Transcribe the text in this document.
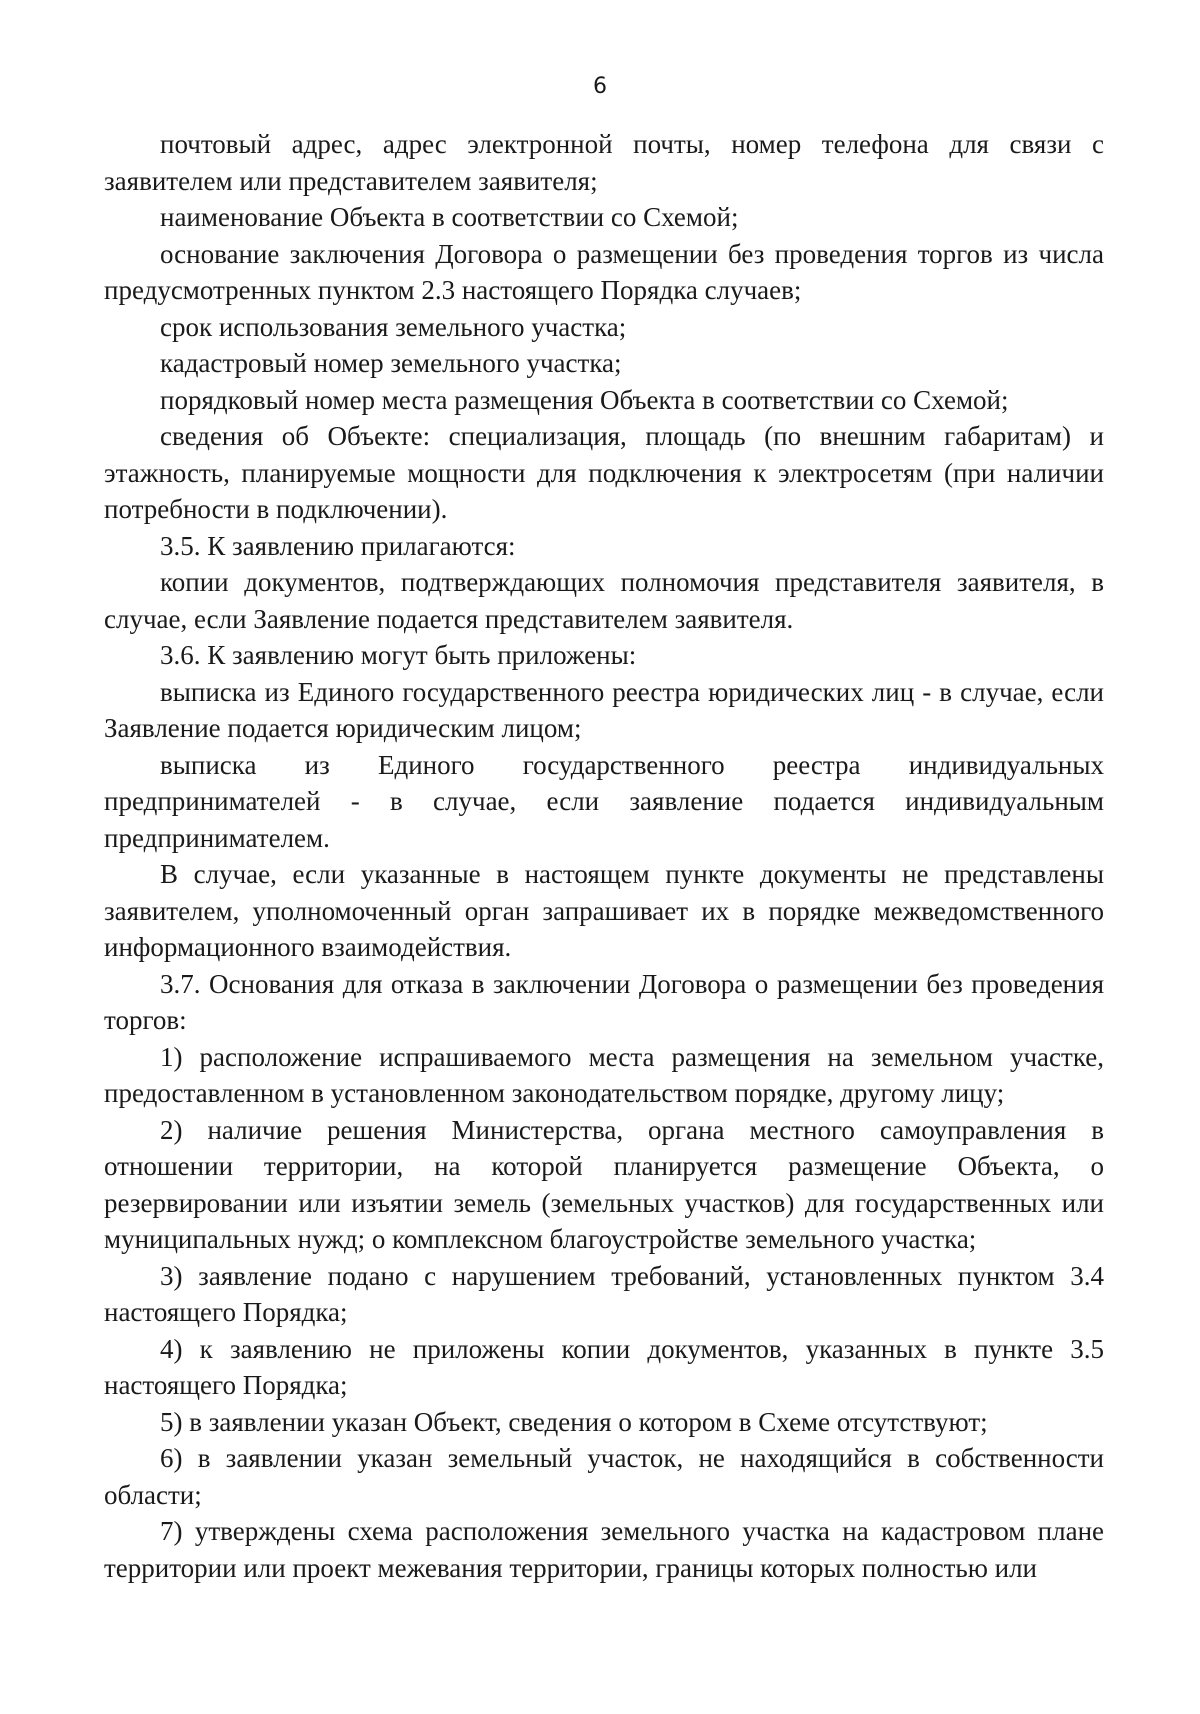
6

почтовый адрес, адрес электронной почты, номер телефона для связи с заявителем или представителем заявителя;

наименование Объекта в соответствии со Схемой;

основание заключения Договора о размещении без проведения торгов из числа предусмотренных пунктом 2.3 настоящего Порядка случаев;

срок использования земельного участка;

кадастровый номер земельного участка;

порядковый номер места размещения Объекта в соответствии со Схемой;

сведения об Объекте: специализация, площадь (по внешним габаритам) и этажность, планируемые мощности для подключения к электросетям (при наличии потребности в подключении).

3.5. К заявлению прилагаются:

копии документов, подтверждающих полномочия представителя заявителя, в случае, если Заявление подается представителем заявителя.

3.6. К заявлению могут быть приложены:

выписка из Единого государственного реестра юридических лиц - в случае, если Заявление подается юридическим лицом;

выписка из Единого государственного реестра индивидуальных предпринимателей - в случае, если заявление подается индивидуальным предпринимателем.

В случае, если указанные в настоящем пункте документы не представлены заявителем, уполномоченный орган запрашивает их в порядке межведомственного информационного взаимодействия.

3.7. Основания для отказа в заключении Договора о размещении без проведения торгов:

1) расположение испрашиваемого места размещения на земельном участке, предоставленном в установленном законодательством порядке, другому лицу;

2) наличие решения Министерства, органа местного самоуправления в отношении территории, на которой планируется размещение Объекта, о резервировании или изъятии земель (земельных участков) для государственных или муниципальных нужд; о комплексном благоустройстве земельного участка;

3) заявление подано с нарушением требований, установленных пунктом 3.4 настоящего Порядка;

4) к заявлению не приложены копии документов, указанных в пункте 3.5 настоящего Порядка;

5) в заявлении указан Объект, сведения о котором в Схеме отсутствуют;

6) в заявлении указан земельный участок, не находящийся в собственности области;

7) утверждены схема расположения земельного участка на кадастровом плане территории или проект межевания территории, границы которых полностью или
